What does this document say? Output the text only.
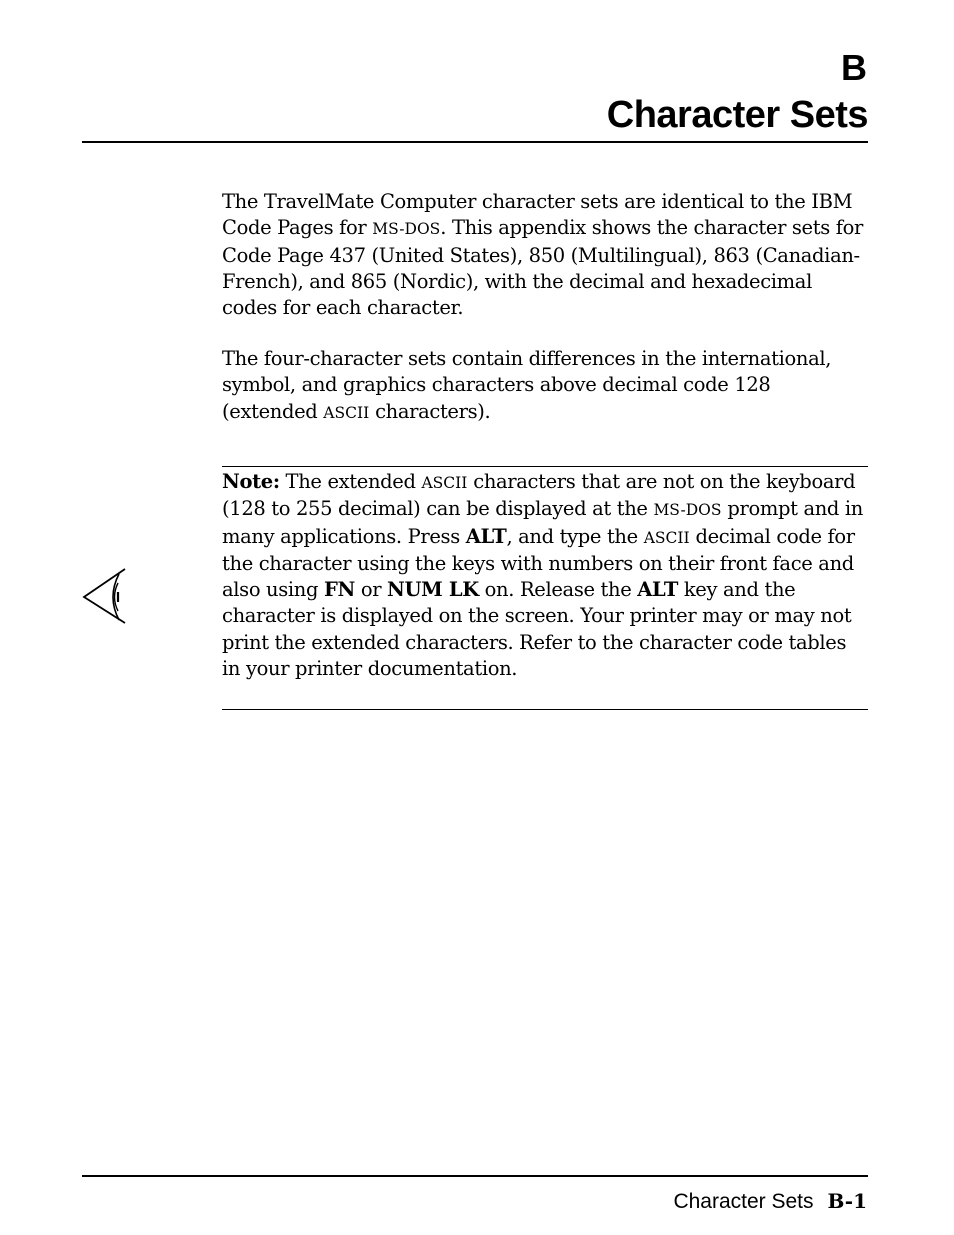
B
Character Sets

The TravelMate Computer character sets are identical to the IBM Code Pages for MS-DOS. This appendix shows the character sets for Code Page 437 (United States), 850 (Multilingual), 863 (Canadian-French), and 865 (Nordic), with the decimal and hexadecimal codes for each character.

The four-character sets contain differences in the international, symbol, and graphics characters above decimal code 128 (extended ASCII characters).

Note: The extended ASCII characters that are not on the keyboard (128 to 255 decimal) can be displayed at the MS-DOS prompt and in many applications. Press ALT, and type the ASCII decimal code for the character using the keys with numbers on their front face and also using FN or NUM LK on. Release the ALT key and the character is displayed on the screen. Your printer may or may not print the extended characters. Refer to the character code tables in your printer documentation.

Character Sets B-1
